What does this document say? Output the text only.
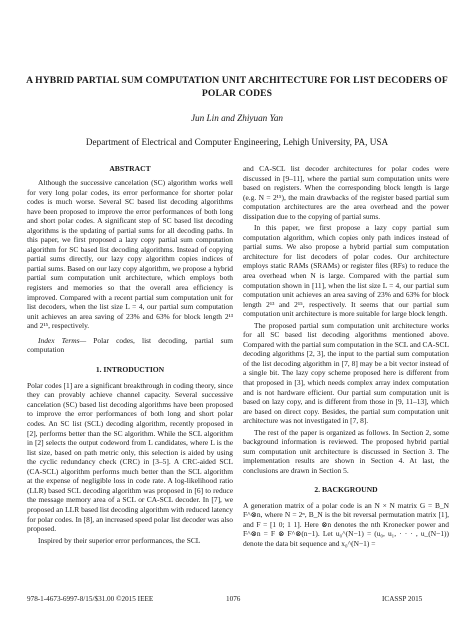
A HYBRID PARTIAL SUM COMPUTATION UNIT ARCHITECTURE FOR LIST DECODERS OF POLAR CODES
Jun Lin and Zhiyuan Yan
Department of Electrical and Computer Engineering, Lehigh University, PA, USA
ABSTRACT

Although the successive cancelation (SC) algorithm works well for very long polar codes, its error performance for shorter polar codes is much worse. Several SC based list decoding algorithms have been proposed to improve the error performances of both long and short polar codes. A significant step of SC based list decoding algorithms is the updating of partial sums for all decoding paths. In this paper, we first proposed a lazy copy partial sum computation algorithm for SC based list decoding algorithms. Instead of copying partial sums directly, our lazy copy algorithm copies indices of partial sums. Based on our lazy copy algorithm, we propose a hybrid partial sum computation unit architecture, which employs both registers and memories so that the overall area efficiency is improved. Compared with a recent partial sum computation unit for list decoders, when the list size L = 4, our partial sum computation unit achieves an area saving of 23% and 63% for block length 2¹³ and 2¹⁵, respectively.

Index Terms— Polar codes, list decoding, partial sum computation

1. INTRODUCTION

Polar codes [1] are a significant breakthrough in coding theory, since they can provably achieve channel capacity. Several successive cancelation (SC) based list decoding algorithms have been proposed to improve the error performances of both long and short polar codes. An SC list (SCL) decoding algorithm, recently proposed in [2], performs better than the SC algorithm. While the SCL algorithm in [2] selects the output codeword from L candidates, where L is the list size, based on path metric only, this selection is aided by using the cyclic redundancy check (CRC) in [3–5]. A CRC-aided SCL (CA-SCL) algorithm performs much better than the SCL algorithm at the expense of negligible loss in code rate. A log-likelihood ratio (LLR) based SCL decoding algorithm was proposed in [6] to reduce the message memory area of a SCL or CA-SCL decoder. In [7], we proposed an LLR based list decoding algorithm with reduced latency for polar codes. In [8], an increased speed polar list decoder was also proposed.

Inspired by their superior error performances, the SCL

and CA-SCL list decoder architectures for polar codes were discussed in [9–11], where the partial sum computation units were based on registers. When the corresponding block length is large (e.g. N = 2¹⁵), the main drawbacks of the register based partial sum computation architectures are the area overhead and the power dissipation due to the copying of partial sums.

In this paper, we first propose a lazy copy partial sum computation algorithm, which copies only path indices instead of partial sums. We also propose a hybrid partial sum computation architecture for list decoders of polar codes. Our architecture employs static RAMs (SRAMs) or register files (RFs) to reduce the area overhead when N is large. Compared with the partial sum computation shown in [11], when the list size L = 4, our partial sum computation unit achieves an area saving of 23% and 63% for block length 2¹³ and 2¹⁵, respectively. It seems that our partial sum computation unit architecture is more suitable for large block length.

The proposed partial sum computation unit architecture works for all SC based list decoding algorithms mentioned above. Compared with the partial sum computation in the SCL and CA-SCL decoding algorithms [2, 3], the input to the partial sum computation of the list decoding algorithm in [7, 8] may be a bit vector instead of a single bit. The lazy copy scheme proposed here is different from that proposed in [3], which needs complex array index computation and is not hardware efficient. Our partial sum computation unit is based on lazy copy, and is different from those in [9, 11–13], which are based on direct copy. Besides, the partial sum computation unit architecture was not investigated in [7, 8].

The rest of the paper is organized as follows. In Section 2, some background information is reviewed. The proposed hybrid partial sum computation unit architecture is discussed in Section 3. The implementation results are shown in Section 4. At last, the conclusions are drawn in Section 5.

2. BACKGROUND

A generation matrix of a polar code is an N × N matrix G = B_N F^⊗n, where N = 2ⁿ, B_N is the bit reversal permutation matrix [1], and F = [1 0; 1 1]. Here ⊗n denotes the nth Kronecker power and F^⊗n = F ⊗ F^⊗(n−1). Let u₀^(N−1) = (u₀, u₁, · · · , u_(N−1)) denote the data bit sequence and x₀^(N−1) =

978-1-4673-6997-8/15/$31.00 ©2015 IEEE	1076	ICASSP 2015
